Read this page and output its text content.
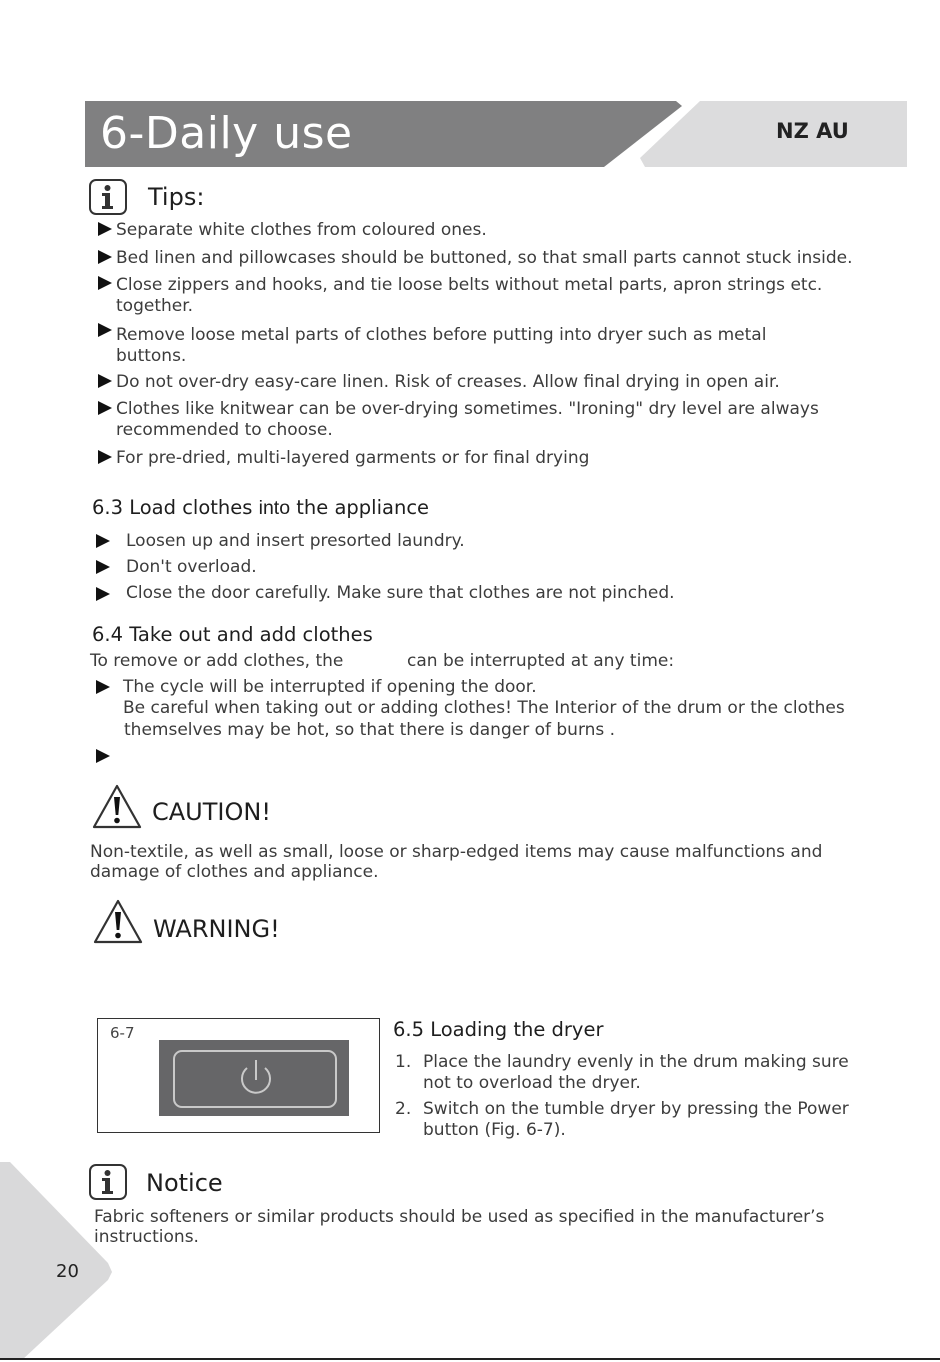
6-Daily use	NZ AU
Tips:
Separate white clothes from coloured ones.
Bed linen and pillowcases should be buttoned, so that small parts cannot stuck inside.
Close zippers and hooks, and tie loose belts without metal parts, apron strings etc.
together.
Remove loose metal parts of clothes before putting into dryer such as metal
buttons.
Do not over-dry easy-care linen. Risk of creases. Allow final drying in open air.
Clothes like knitwear can be over-drying sometimes. "Ironing" dry level are always
recommended to choose.
For pre-dried, multi-layered garments or for final drying
6.3 Load clothes into the appliance
Loosen up and insert presorted laundry.
Don't overload.
Close the door carefully. Make sure that clothes are not pinched.
6.4 Take out and add clothes
To remove or add clothes, the	can be interrupted at any time:
The cycle will be interrupted if opening the door.
Be careful when taking out or adding clothes! The Interior of the drum or the clothes
themselves may be hot, so that there is danger of burns .
CAUTION!
Non-textile, as well as small, loose or sharp-edged items may cause malfunctions and
damage of clothes and appliance.
WARNING!
6-7	6.5 Loading the dryer
1. Place the laundry evenly in the drum making sure
not to overload the dryer.
2. Switch on the tumble dryer by pressing the Power
button (Fig. 6-7).
Notice
Fabric softeners or similar products should be used as specified in the manufacturer’s
instructions.
20
